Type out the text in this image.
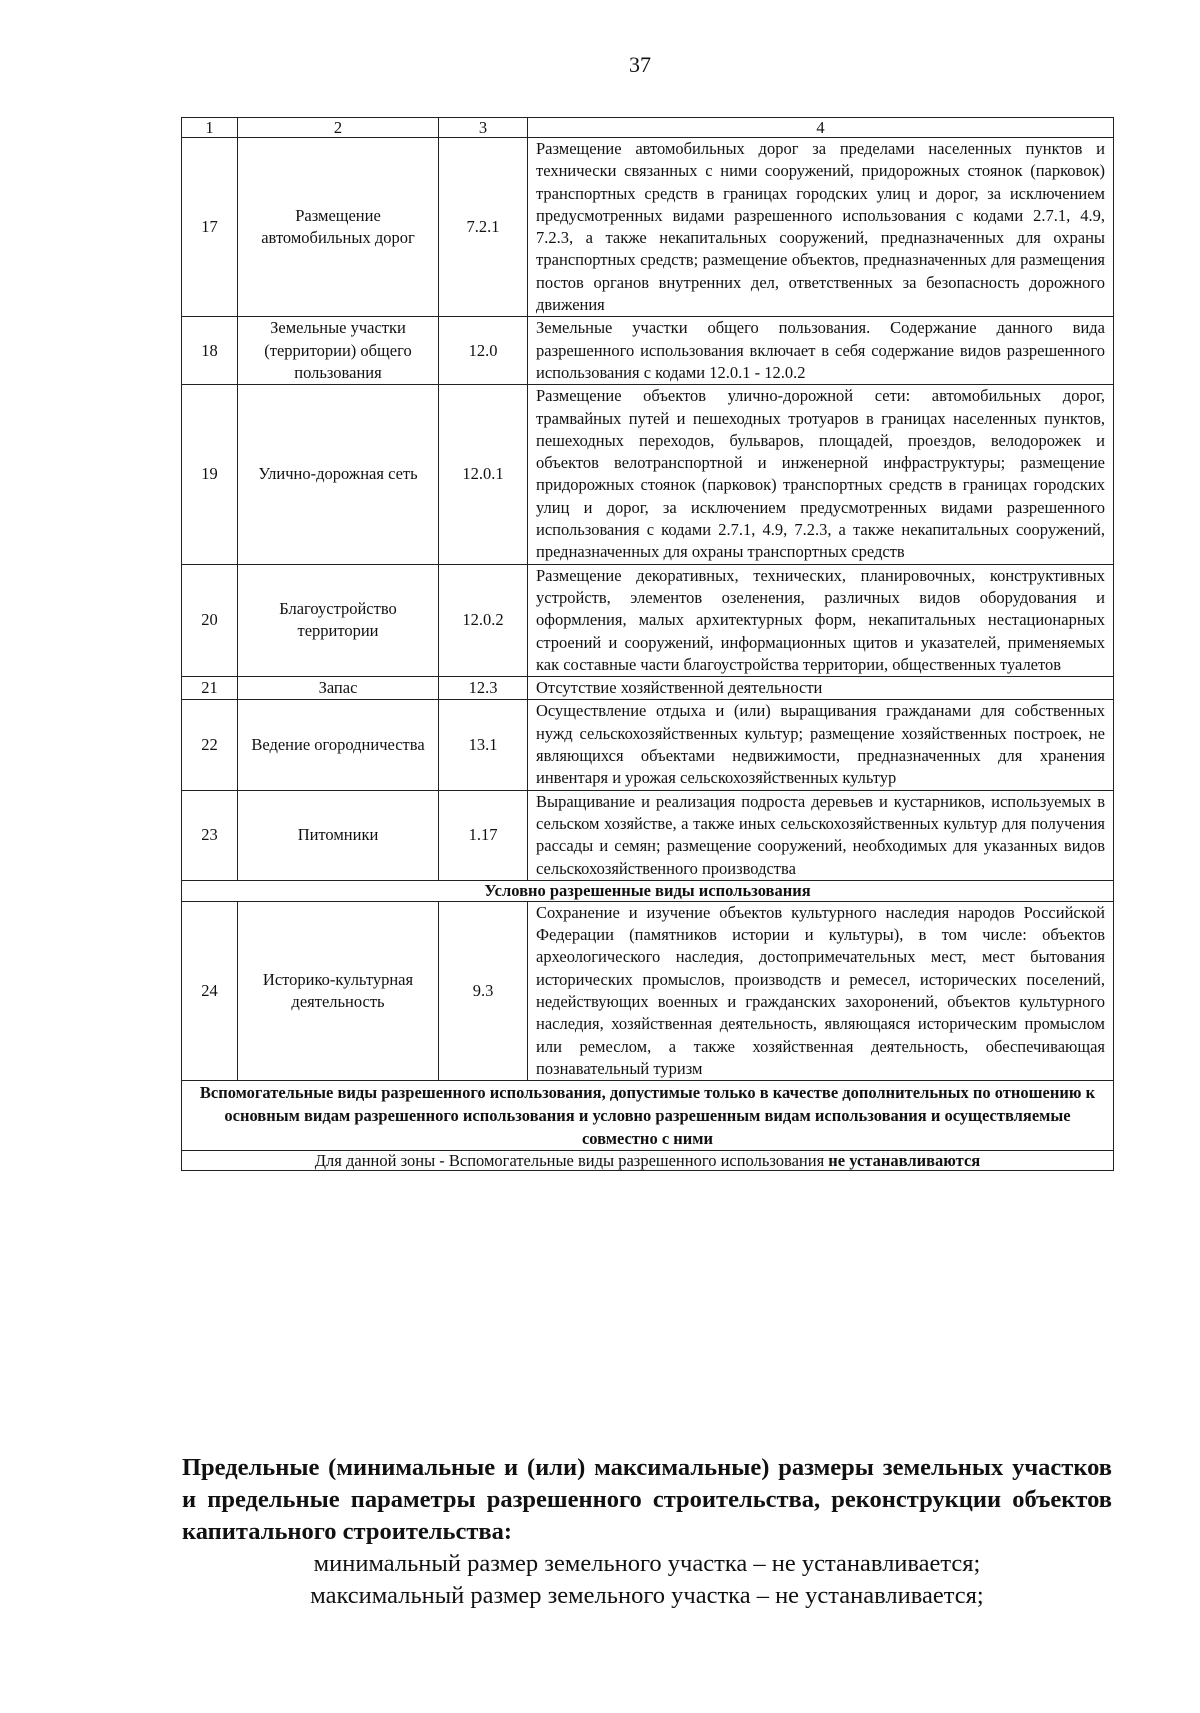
37
1	2	3	4
17	Размещение автомобильных дорог	7.2.1	Размещение автомобильных дорог за пределами населенных пунктов и технически связанных с ними сооружений, придорожных стоянок (парковок) транспортных средств в границах городских улиц и дорог, за исключением предусмотренных видами разрешенного использования с кодами 2.7.1, 4.9, 7.2.3, а также некапитальных сооружений, предназначенных для охраны транспортных средств; размещение объектов, предназначенных для размещения постов органов внутренних дел, ответственных за безопасность дорожного движения
18	Земельные участки (территории) общего пользования	12.0	Земельные участки общего пользования. Содержание данного вида разрешенного использования включает в себя содержание видов разрешенного использования с кодами 12.0.1 - 12.0.2
19	Улично-дорожная сеть	12.0.1	Размещение объектов улично-дорожной сети: автомобильных дорог, трамвайных путей и пешеходных тротуаров в границах населенных пунктов, пешеходных переходов, бульваров, площадей, проездов, велодорожек и объектов велотранспортной и инженерной инфраструктуры; размещение придорожных стоянок (парковок) транспортных средств в границах городских улиц и дорог, за исключением предусмотренных видами разрешенного использования с кодами 2.7.1, 4.9, 7.2.3, а также некапитальных сооружений, предназначенных для охраны транспортных средств
20	Благоустройство территории	12.0.2	Размещение декоративных, технических, планировочных, конструктивных устройств, элементов озеленения, различных видов оборудования и оформления, малых архитектурных форм, некапитальных нестационарных строений и сооружений, информационных щитов и указателей, применяемых как составные части благоустройства территории, общественных туалетов
21	Запас	12.3	Отсутствие хозяйственной деятельности
22	Ведение огородничества	13.1	Осуществление отдыха и (или) выращивания гражданами для собственных нужд сельскохозяйственных культур; размещение хозяйственных построек, не являющихся объектами недвижимости, предназначенных для хранения инвентаря и урожая сельскохозяйственных культур
23	Питомники	1.17	Выращивание и реализация подроста деревьев и кустарников, используемых в сельском хозяйстве, а также иных сельскохозяйственных культур для получения рассады и семян; размещение сооружений, необходимых для указанных видов сельскохозяйственного производства
Условно разрешенные виды использования			
24	Историко-культурная деятельность	9.3	Сохранение и изучение объектов культурного наследия народов Российской Федерации (памятников истории и культуры), в том числе: объектов археологического наследия, достопримечательных мест, мест бытования исторических промыслов, производств и ремесел, исторических поселений, недействующих военных и гражданских захоронений, объектов культурного наследия, хозяйственная деятельность, являющаяся историческим промыслом или ремеслом, а также хозяйственная деятельность, обеспечивающая познавательный туризм
Вспомогательные виды разрешенного использования, допустимые только в качестве дополнительных по отношению к основным видам разрешенного использования и условно разрешенным видам использования и осуществляемые совместно с ними			
Для данной зоны - Вспомогательные виды разрешенного использования не устанавливаются			
Предельные (минимальные и (или) максимальные) размеры земельных участков и предельные параметры разрешенного строительства, реконструкции объектов капитального строительства:
минимальный размер земельного участка – не устанавливается;
максимальный размер земельного участка – не устанавливается;
